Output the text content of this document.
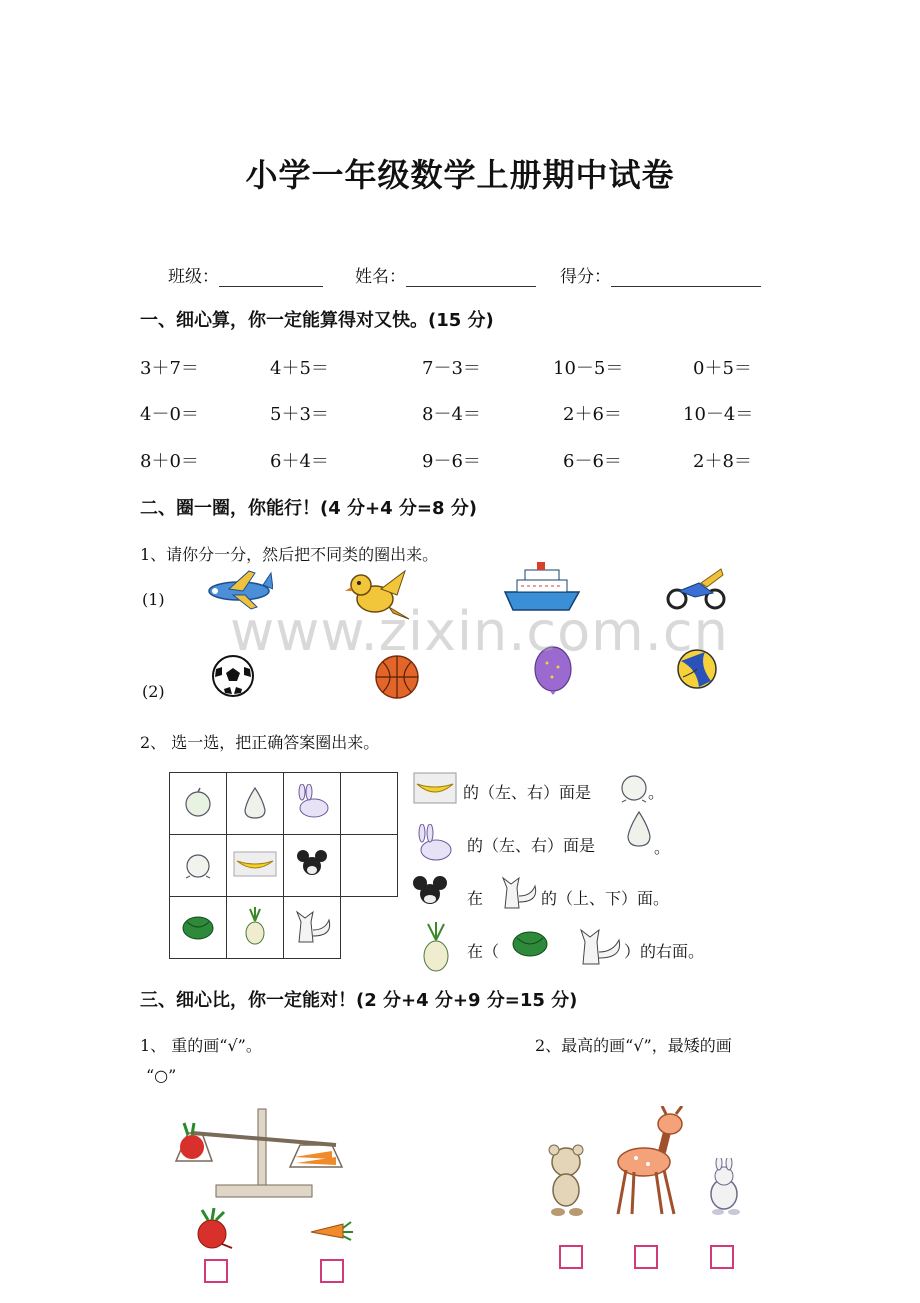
小学一年级数学上册期中试卷
班级：	姓名：	得分：
一、细心算，你一定能算得对又快。(15 分)
3＋7＝	4＋5＝	7－3＝	10－5＝	0＋5＝
4－0＝	5＋3＝	8－4＝	2＋6＝	10－4＝
8＋0＝	6＋4＝	9－6＝	6－6＝	2＋8＝
二、圈一圈，你能行！(4 分+4 分=8 分)
1、请你分一分，然后把不同类的圈出来。
(1)
(2)
www.zixin.com.cn
2、 选一选，把正确答案圈出来。

的（左、右）面是	。
的（左、右）面是	。
在	的（上、下）面。
在（	）的右面。
三、细心比，你一定能对！(2 分+4 分+9 分=15 分)
1、 重的画“√”。	2、最高的画“√”，最矮的画
“○”
